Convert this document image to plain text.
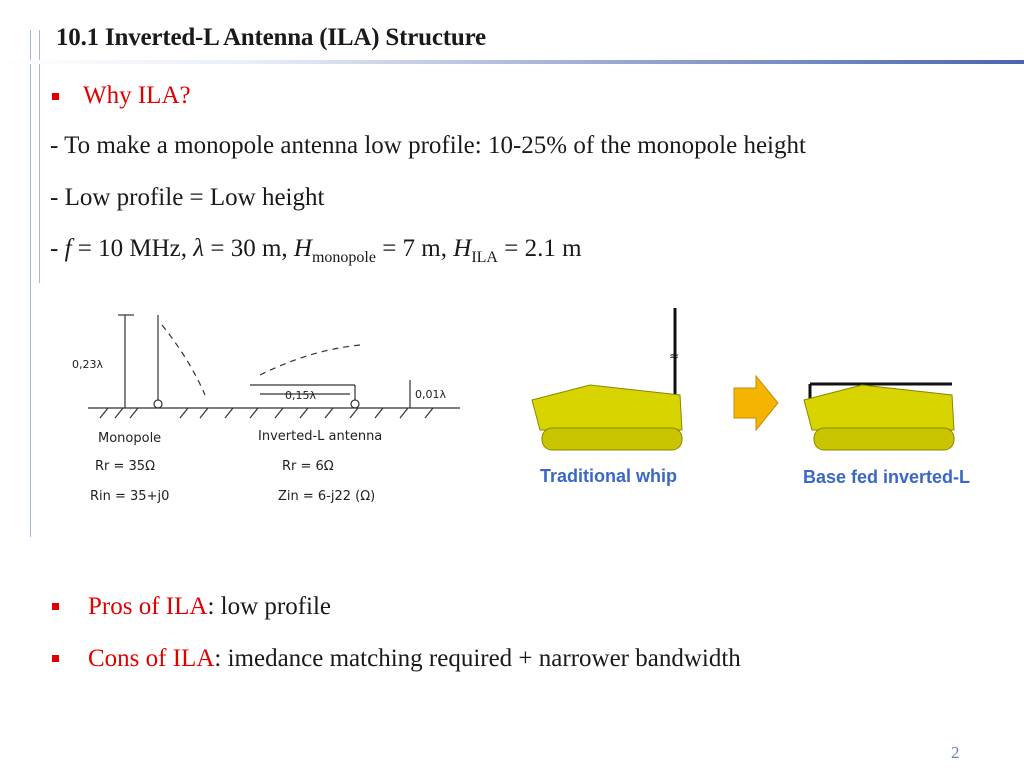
10.1 Inverted-L Antenna (ILA) Structure
Why ILA?
- To make a monopole antenna low profile: 10-25% of the monopole height
- Low profile = Low height
- f = 10 MHz, λ = 30 m, $H_{monopole} = 7$ m, $H_{ILA} = 2.1$ m
0,23λ
0,15λ	0,01λ
Monopole
Rr = 35Ω
Rin = 35+j0
Inverted-L antenna
Rr = 6Ω
Zin = 6-j22 (Ω)
≈
Traditional whip	Base fed inverted-L
Pros of ILA: low profile
Cons of ILA: imedance matching required + narrower bandwidth
2
